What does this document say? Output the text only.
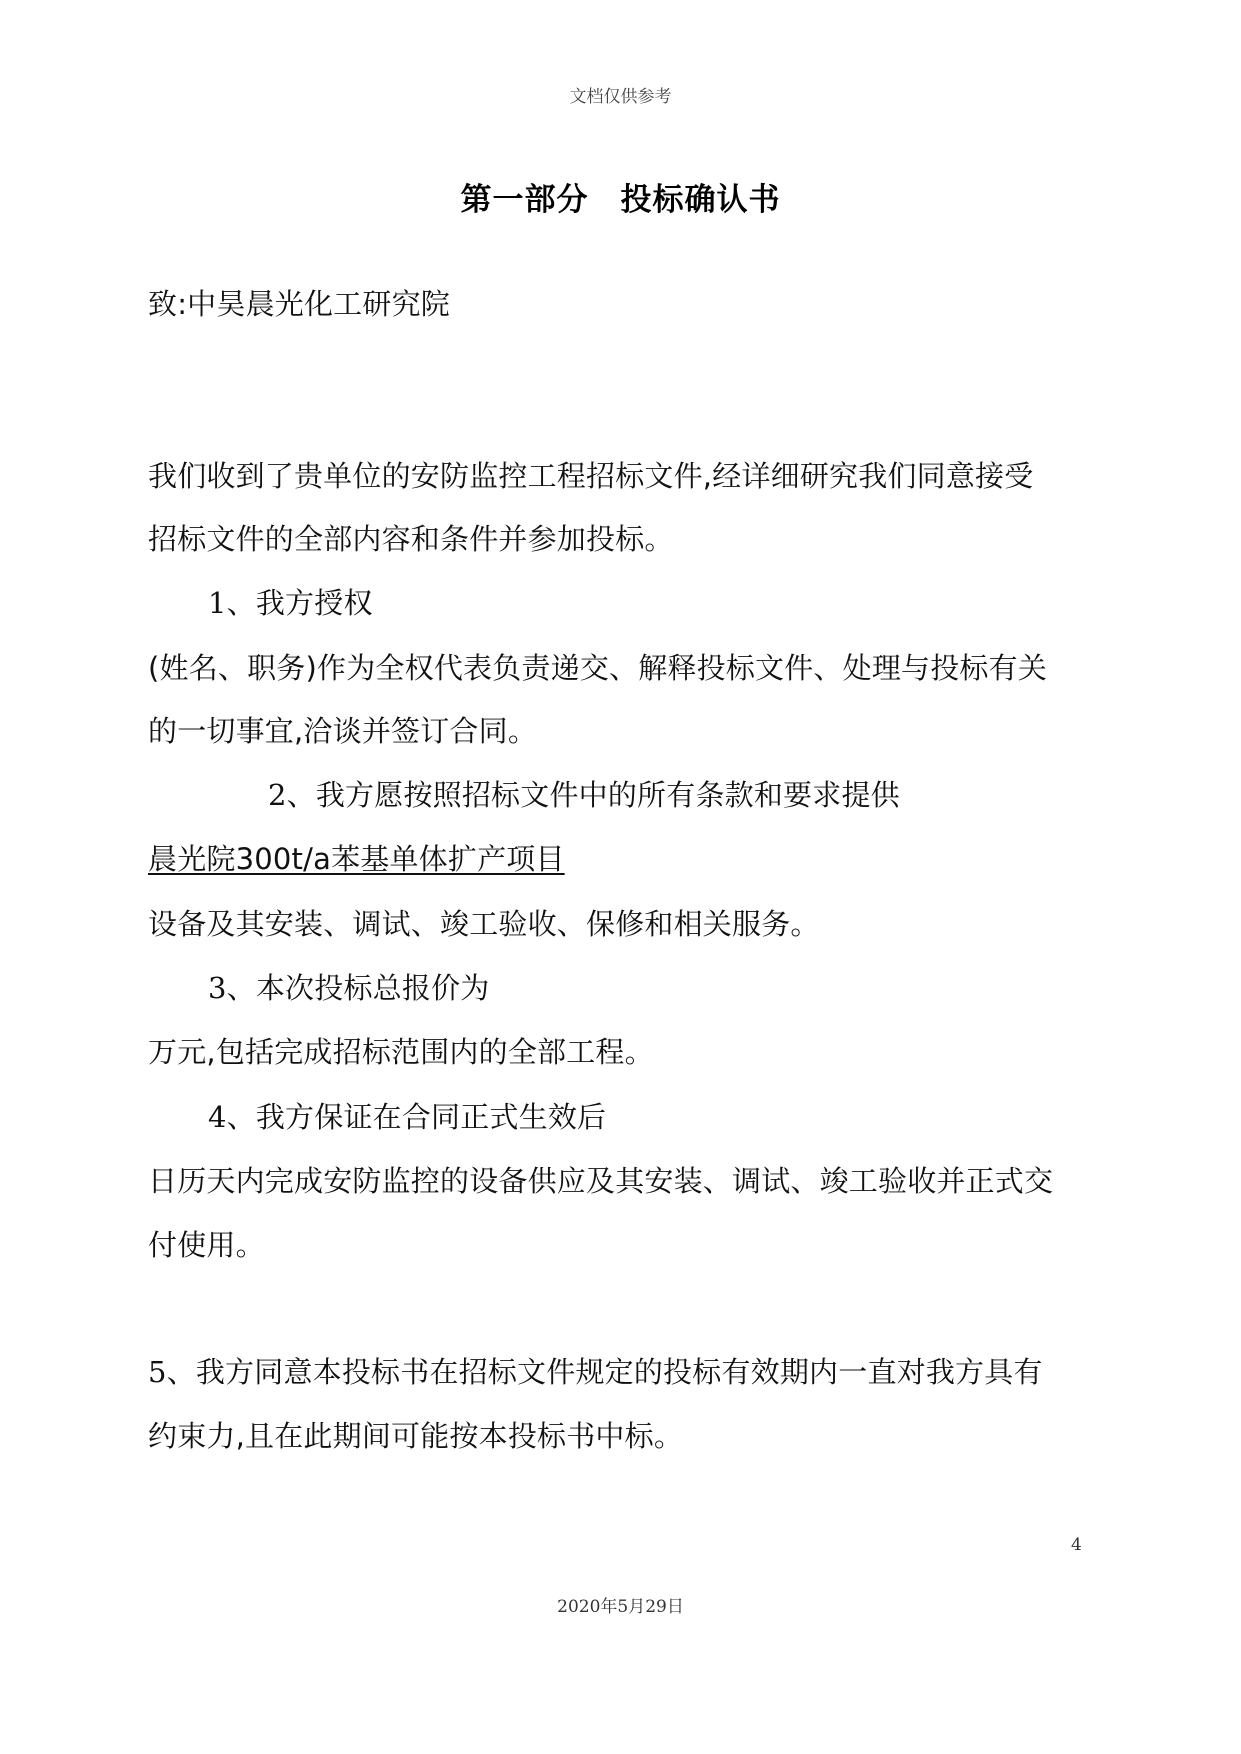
文档仅供参考
第一部分 投标确认书
致:中昊晨光化工研究院
我们收到了贵单位的安防监控工程招标文件,经详细研究我们同意接受
招标文件的全部内容和条件并参加投标。
1、我方授权
(姓名、职务)作为全权代表负责递交、解释投标文件、处理与投标有关
的一切事宜,洽谈并签订合同。
2、我方愿按照招标文件中的所有条款和要求提供
晨光院300t/a苯基单体扩产项目
设备及其安装、调试、竣工验收、保修和相关服务。
3、本次投标总报价为
万元,包括完成招标范围内的全部工程。
4、我方保证在合同正式生效后
日历天内完成安防监控的设备供应及其安装、调试、竣工验收并正式交
付使用。
5、我方同意本投标书在招标文件规定的投标有效期内一直对我方具有
约束力,且在此期间可能按本投标书中标。
4
2020年5月29日
